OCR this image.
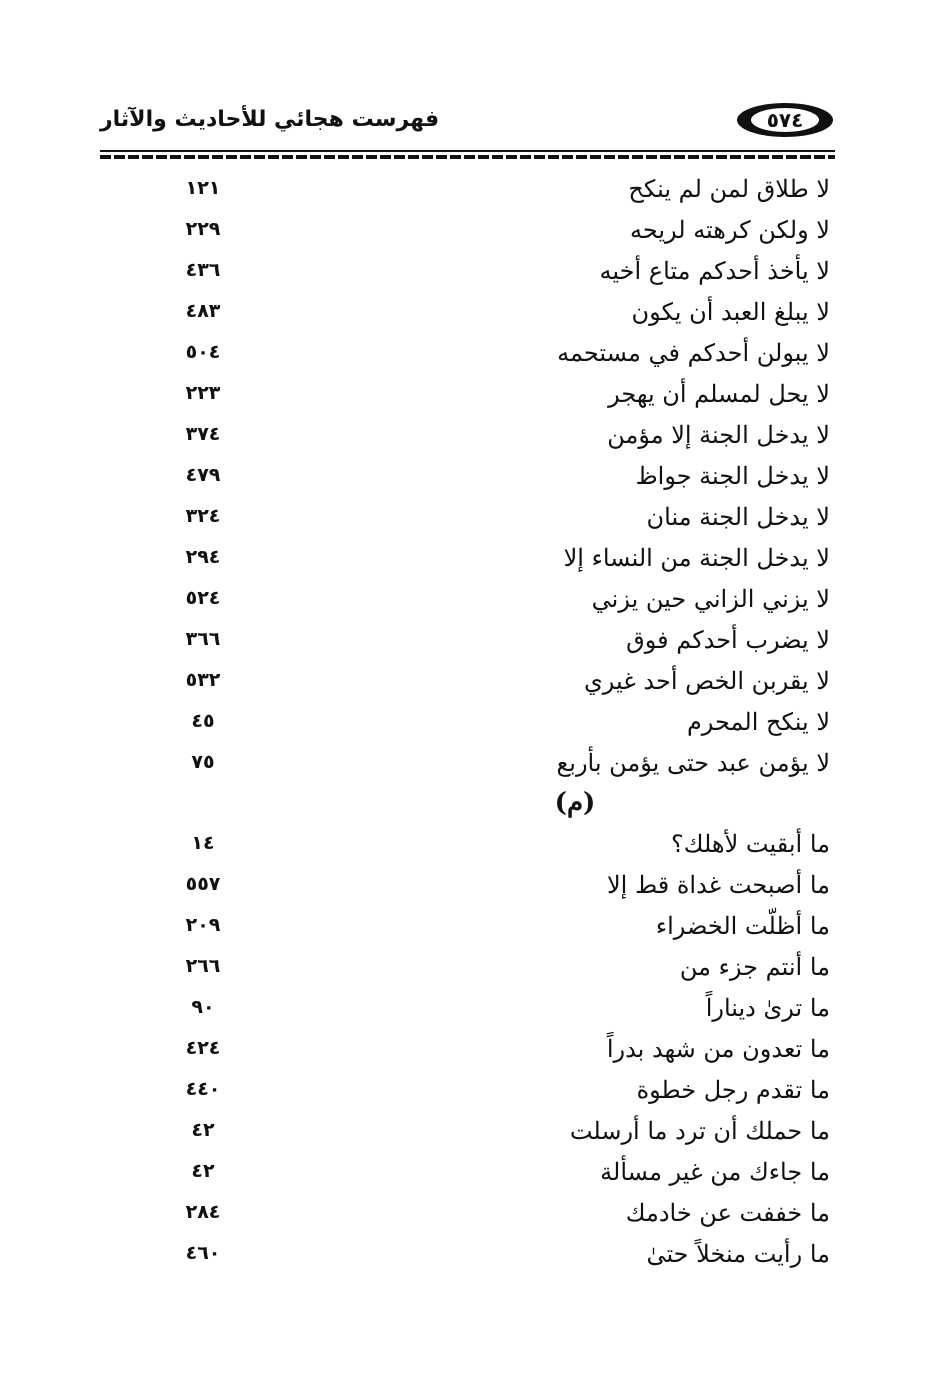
فهرست هجائي للأحاديث والآثار	٥٧٤
لا طلاق لمن لم ينكح
١٢١
لا ولكن كرهته لريحه
٢٢٩
لا يأخذ أحدكم متاع أخيه
٤٣٦
لا يبلغ العبد أن يكون
٤٨٣
لا يبولن أحدكم في مستحمه
٥٠٤
لا يحل لمسلم أن يهجر
٢٢٣
لا يدخل الجنة إلا مؤمن
٣٧٤
لا يدخل الجنة جواظ
٤٧٩
لا يدخل الجنة منان
٣٢٤
لا يدخل الجنة من النساء إلا
٢٩٤
لا يزني الزاني حين يزني
٥٢٤
لا يضرب أحدكم فوق
٣٦٦
لا يقربن الخص أحد غيري
٥٣٢
لا ينكح المحرم
٤٥
لا يؤمن عبد حتى يؤمن بأربع
٧٥
(م)
ما أبقيت لأهلك؟
١٤
ما أصبحت غداة قط إلا
٥٥٧
ما أظلّت الخضراء
٢٠٩
ما أنتم جزء من
٢٦٦
ما ترىٰ ديناراً
٩٠
ما تعدون من شهد بدراً
٤٢٤
ما تقدم رجل خطوة
٤٤٠
ما حملك أن ترد ما أرسلت
٤٢
ما جاءك من غير مسألة
٤٢
ما خففت عن خادمك
٢٨٤
ما رأيت منخلاً حتىٰ
٤٦٠
